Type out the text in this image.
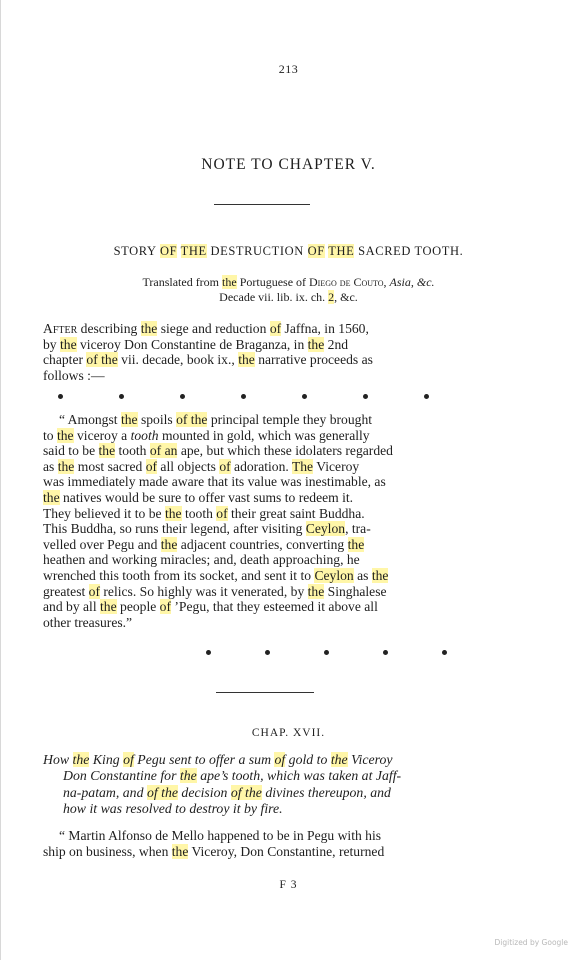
213
NOTE TO CHAPTER V.
STORY OF THE DESTRUCTION OF THE SACRED TOOTH.
Translated from the Portuguese of Diego de Couto, Asia, &c.
Decade vii. lib. ix. ch. 2, &c.
After describing the siege and reduction of Jaffna, in 1560,
by the viceroy Don Constantine de Braganza, in the 2nd
chapter of the vii. decade, book ix., the narrative proceeds as
follows :—
“ Amongst the spoils of the principal temple they brought
to the viceroy a tooth mounted in gold, which was generally
said to be the tooth of an ape, but which these idolaters regarded
as the most sacred of all objects of adoration. The Viceroy
was immediately made aware that its value was inestimable, as
the natives would be sure to offer vast sums to redeem it.
They believed it to be the tooth of their great saint Buddha.
This Buddha, so runs their legend, after visiting Ceylon, tra-
velled over Pegu and the adjacent countries, converting the
heathen and working miracles; and, death approaching, he
wrenched this tooth from its socket, and sent it to Ceylon as the
greatest of relics. So highly was it venerated, by the Singhalese
and by all the people of ’Pegu, that they esteemed it above all
other treasures.”
CHAP. XVII.
How the King of Pegu sent to offer a sum of gold to the Viceroy
Don Constantine for the ape’s tooth, which was taken at Jaff-
na-patam, and of the decision of the divines thereupon, and
how it was resolved to destroy it by fire.
“ Martin Alfonso de Mello happened to be in Pegu with his
ship on business, when the Viceroy, Don Constantine, returned
F 3
Digitized by Google
